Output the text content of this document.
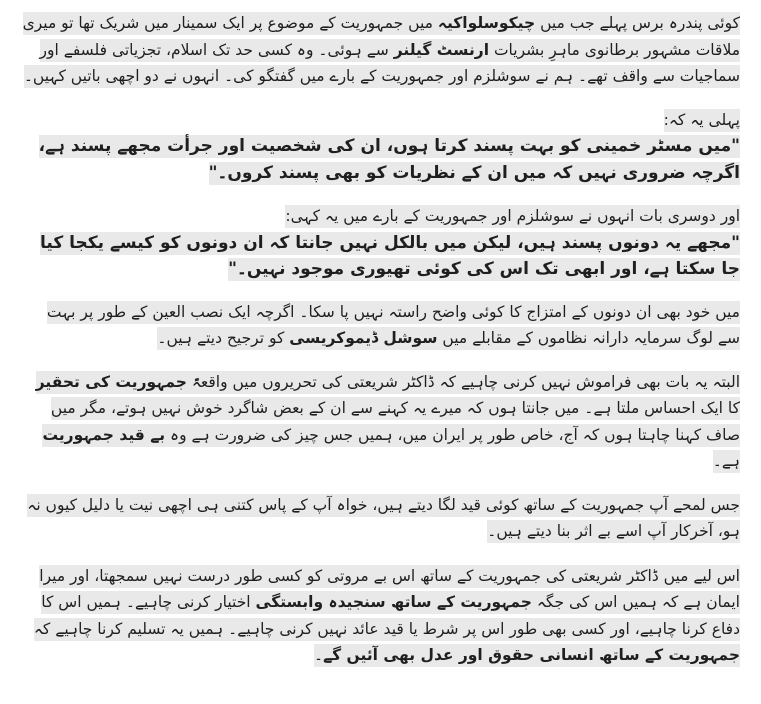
کوئی پندرہ برس پہلے جب میں چیکوسلواکیہ میں جمہوریت کے موضوع پر ایک سمینار میں شریک تھا تو میری ملاقات مشہور برطانوی ماہرِ بشریات ارنسٹ گیلنر سے ہوئی۔ وہ کسی حد تک اسلام، تجزیاتی فلسفے اور سماجیات سے واقف تھے۔ ہم نے سوشلزم اور جمہوریت کے بارے میں گفتگو کی۔ انہوں نے دو اچھی باتیں کہیں۔

پہلی یہ کہ:
"میں مسٹر خمینی کو بہت پسند کرتا ہوں، ان کی شخصیت اور جرأت مجھے پسند ہے، اگرچہ ضروری نہیں کہ میں ان کے نظریات کو بھی پسند کروں۔"

اور دوسری بات انہوں نے سوشلزم اور جمہوریت کے بارے میں یہ کہی:
"مجھے یہ دونوں پسند ہیں، لیکن میں بالکل نہیں جانتا کہ ان دونوں کو کیسے یکجا کیا جا سکتا ہے، اور ابھی تک اس کی کوئی تھیوری موجود نہیں۔"

میں خود بھی ان دونوں کے امتزاج کا کوئی واضح راستہ نہیں پا سکا۔ اگرچہ ایک نصب العین کے طور پر بہت سے لوگ سرمایہ دارانہ نظاموں کے مقابلے میں سوشل ڈیموکریسی کو ترجیح دیتے ہیں۔

البتہ یہ بات بھی فراموش نہیں کرنی چاہیے کہ ڈاکٹر شریعتی کی تحریروں میں واقعۃً جمہوریت کی تحقیر کا ایک احساس ملتا ہے۔ میں جانتا ہوں کہ میرے یہ کہنے سے ان کے بعض شاگرد خوش نہیں ہوتے، مگر میں صاف کہنا چاہتا ہوں کہ آج، خاص طور پر ایران میں، ہمیں جس چیز کی ضرورت ہے وہ بے قید جمہوریت ہے۔

جس لمحے آپ جمہوریت کے ساتھ کوئی قید لگا دیتے ہیں، خواہ آپ کے پاس کتنی ہی اچھی نیت یا دلیل کیوں نہ ہو، آخرکار آپ اسے بے اثر بنا دیتے ہیں۔

اس لیے میں ڈاکٹر شریعتی کی جمہوریت کے ساتھ اس بے مروتی کو کسی طور درست نہیں سمجھتا، اور میرا ایمان ہے کہ ہمیں اس کی جگہ جمہوریت کے ساتھ سنجیدہ وابستگی اختیار کرنی چاہیے۔ ہمیں اس کا دفاع کرنا چاہیے، اور کسی بھی طور اس پر شرط یا قید عائد نہیں کرنی چاہیے۔ ہمیں یہ تسلیم کرنا چاہیے کہ جمہوریت کے ساتھ انسانی حقوق اور عدل بھی آئیں گے۔
